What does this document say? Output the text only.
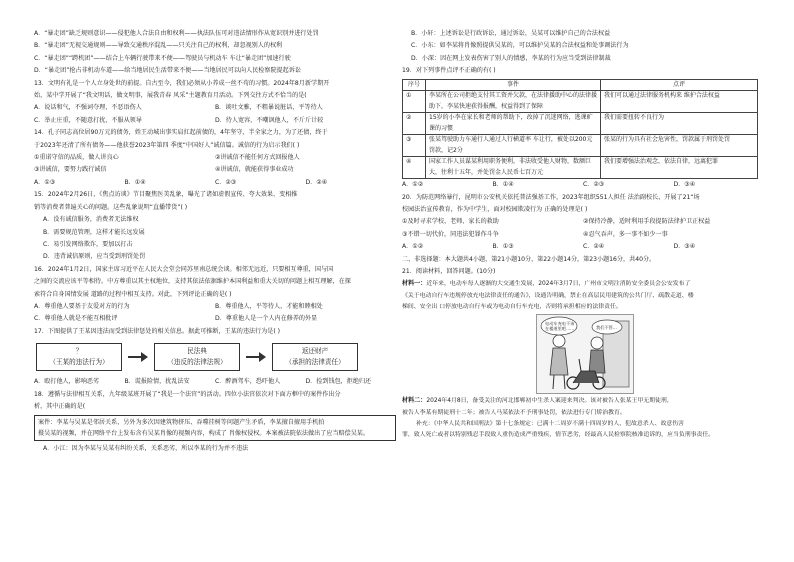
A．“暴走团”缺乏规则意识——侵犯他人合法自由和权利——执法队伍可对违法情形作从宽识别并进行处罚
B．“暴走团”无视交通规则——导致交通秩序混乱——只关注自己的权利，却忽视别人的权利
C．“暴走团”“跨机团”——结合上车辆行驶带来不便——驾驶员与机动车 车让“暴走团”加速行驶
D．“暴走团”抢占非机动车道——给当地居民生活带来不便——当地居民可以向人民检察院提起诉讼
13．文明有礼是一个人立身处世的前提。自古至今，我们必须从小养成一丝不苟的习惯。2024年8月新学期开
始，某中学开展了“我文明话，做文明事，展我青春 风采”主题教育月活动。下列交往方式不恰当的是(
A．说话和气，不强词夺理，不恶语伤人	B．谈吐文雅，不粗暴说脏话，平等待人
C．举止庄重，不随意打扰，不服从领导	D．待人宽容，不嘲讽他人，不斤斤计较
14．孔子同志高位居90万元的债务，姓王动城出事实肩扛起前债的，4年坚守，半全家之力，为了还债，终于
于2023年还清了所有债务——他获誉2023年第四 季度“中国好人”诚信篇。诚信的行为启示我们( )
①重诺守信的品质，做人讲良心	②讲诚信不能任何方式回报他人
③讲诚信，要努力践行诚信	④讲诚信，就能获得事业成功
A．①③	B．①④	C．②③	D．②④
15．2024年2月26日，《焦点访谈》节目聚焦医美乱象，曝光了诸如虚假宣传、夸大效果、变相推
销等消费者普遍关心的问题。这些乱象说明“直播带货”( )
A．没有诚信服务，消费者无法维权
B．需要规范管理，这样才能长远发展
C．易引发网络欺诈，要加以打击
D．违背诚信原则，应当受到刑罚处罚
16．2024年1月2日，国家主席习近平在人民大会堂会同苏里南总统会谈。相邻无远近，只要相互尊重，国与国
之间的交流应该平等相待。中方尊重以其主权地位，支持其依法依据维护本国利益和重大关切的问题上相互理解，在探
索符合自身国情发展 道路的过程中相互支持。对此，下列评论正确的是( )
A．尊重他人要基于友爱对方的行为	B．尊重他人，平等待人，才能和睦相处
C．尊重他人就是不能互相批评	D．尊重他人是一个人内在修养的外显
17．下图提供了王某因违法而受到法律惩处的相关信息。据此可推断，王某的违法行为是( )
？
（王某的违法行为）
民法典
（违反的法律法规）
返还财产
（承担的法律责任）
A．殴打他人，影响恶劣	B．谎报险情，扰乱法安	C．醉酒驾车，恐吓他人	D．捡到钱包，拒绝归还
18．遵循与法律相互关系，九年级某班开展了“我是一个法官”的活动。四位小法官依次对下面方框中的案件作出分
析，其中正确的是(
案件：李某与吴某是邻居关系，另外为多次因建筑物挤压、吞噬挂树等问题产生矛盾，李某擅自擅用手机拍
摄吴某的视频，并在网络平台上发布含有吴某肖像的视频内容，构成了 肖像权侵权。本案被法院依法做出了应当赔偿吴某。
A．小江：因为李某与吴某有纠纷关系，关系恶劣，所以李某的行为并不违法
B．小轩：上述诉讼是行政诉讼，通过诉讼，吴某可以维护自己的合法权益
C．小东：如李某将肖像照提供吴某的，可以维护吴某的合法权益和处事调法行为
D．小深：因在网上发表伤害了别人的情感，李某的行为应当受到法律制裁
19．对下列事件点评不正确的有( )
序号	事件	点评
①	李某所在公司拒绝支付其工资并欠款，在法律援助中心的法律援助下，李某快速获得报酬，权益得到了保障	我们可以通过法律服务机构来 维护合法权益
②	15岁的小李在家长和老师的帮助下，改掉了沉迷网络，逃课旷课的习惯	我们需要扭转不良行为
③	张某驾驶助力车通行人通过人行横道率 车让行，被处以200元罚款，记2分	张某的行为具有社会危害性，罚款属于刑罚处罚
④	国家工作人员谋某利用职务便利，非法收受他人财物，数额巨大，往利十五年，并处罚金人民币七百万元	我们要增强法治观念，依法自律，远离犯罪
A．①②	B．①④	C．②③	D．③④
20．为防范网络暴行，昆明市公安机关依托普法强基工作，2023年组织551人担任 法治副校长，开展了21“场
校园法治宣传教育，作为中学生，面对校园欺凌行为 正确的处理是( )
①及时寻求学校、老师、家长的救助	②保持冷静，适时利用手段提防法律护卫正权益
③不错一切代价，同违法犯罪作斗争	④忍气吞声，多一事不如少一事
A．①②	B．①③	C．②④	D．③④
二、非选择题：本大题共4小题，第21小题10分，第22小题14分，第23小题16分，共40分。
21．阅读材料，回答问题。(10分)
材料一：近年来，电动车每人逐渐的大交通生发展，2024年3月7日，广州市文明注消防安全委员会公安发布了
《关于电动自行车违规停放充电法律责任的通告》，设通告明确，禁止在高层民用建筑的公共门厅、疏散走道、楼
梯间、安全出 口停放电动自行车或为电动自行车充电，否则将承担相应的法律责任。
电动车充电不该 在楼道里吧……	我们不管…
材料二：2024年4月8日，备受关注的河北邯郸初中生杀人案迎来判决。该对被告人张某王甲无期徒刑，
被告人李某有期徒刑十二年；被告人马某依法不予刑事处罚，依法进行专门矫治教育。
补充：《中华人民共和国刑法》第十七条规定：已满十二周岁不满十四周岁的人，犯故意杀人、故意伤害
罪，致人死亡或者以特别残忍手段致人重伤造成严重残疾，情节恶劣，经最高人民检察院核准追诉的，应当负刑事责任。
